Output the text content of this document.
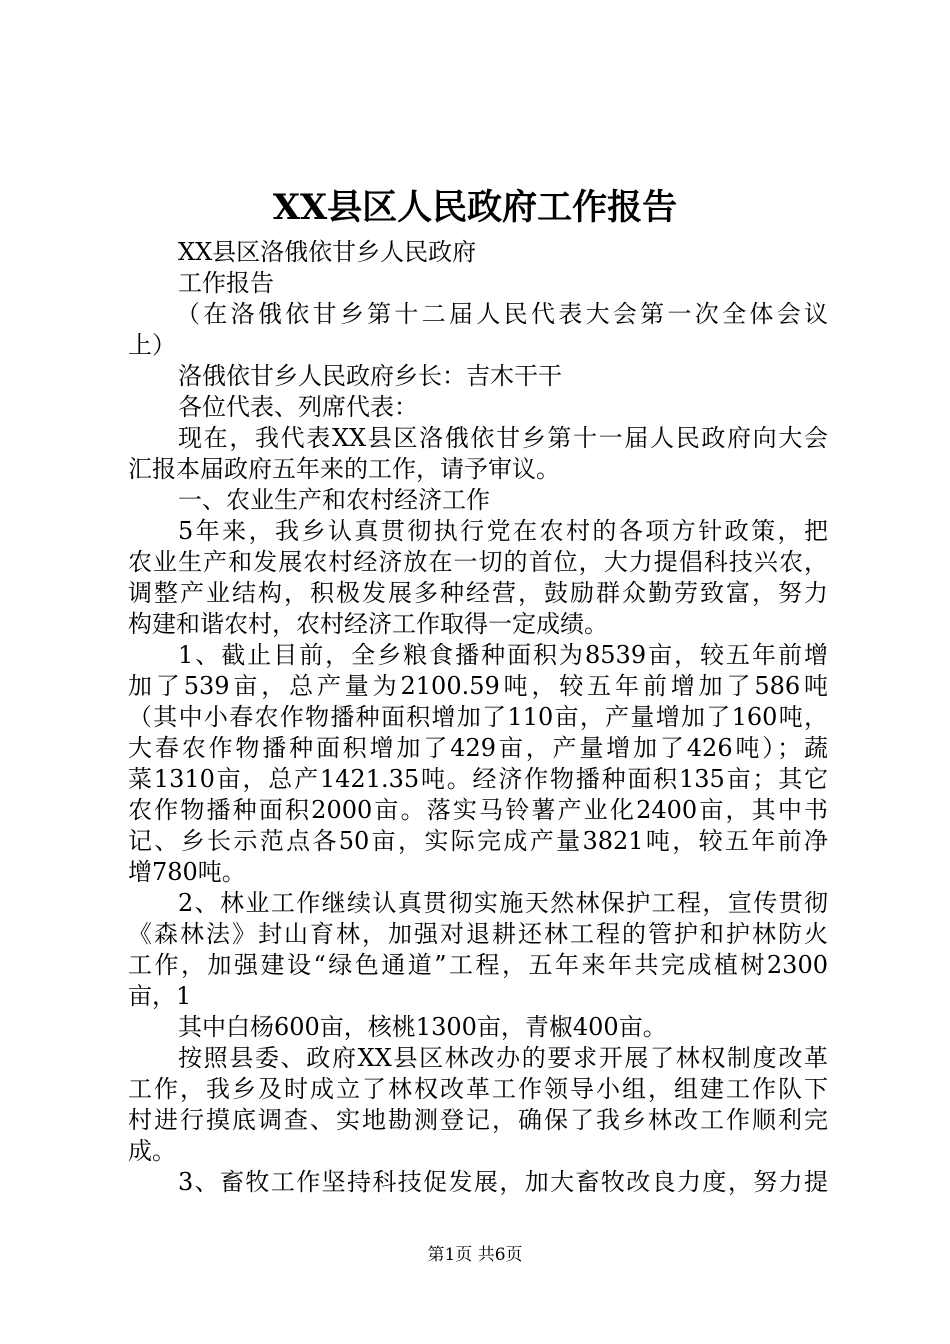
XX县区人民政府工作报告
XX县区洛俄依甘乡人民政府
工作报告
（在洛俄依甘乡第十二届人民代表大会第一次全体会议
上）
洛俄依甘乡人民政府乡长：吉木干干
各位代表、列席代表：
现在，我代表XX县区洛俄依甘乡第十一届人民政府向大会
汇报本届政府五年来的工作，请予审议。
一、农业生产和农村经济工作
5年来，我乡认真贯彻执行党在农村的各项方针政策，把
农业生产和发展农村经济放在一切的首位，大力提倡科技兴农，
调整产业结构，积极发展多种经营，鼓励群众勤劳致富，努力
构建和谐农村，农村经济工作取得一定成绩。
1、截止目前，全乡粮食播种面积为8539亩，较五年前增
加了539亩，总产量为2100.59吨，较五年前增加了586吨
（其中小春农作物播种面积增加了110亩，产量增加了160吨，
大春农作物播种面积增加了429亩，产量增加了426吨）；蔬
菜1310亩，总产1421.35吨。经济作物播种面积135亩；其它
农作物播种面积2000亩。落实马铃薯产业化2400亩，其中书
记、乡长示范点各50亩，实际完成产量3821吨，较五年前净
增780吨。
2、林业工作继续认真贯彻实施天然林保护工程，宣传贯彻
《森林法》封山育林，加强对退耕还林工程的管护和护林防火
工作，加强建设“绿色通道”工程，五年来年共完成植树2300
亩，1
其中白杨600亩，核桃1300亩，青椒400亩。
按照县委、政府XX县区林改办的要求开展了林权制度改革
工作，我乡及时成立了林权改革工作领导小组，组建工作队下
村进行摸底调查、实地勘测登记，确保了我乡林改工作顺利完
成。
3、畜牧工作坚持科技促发展，加大畜牧改良力度，努力提
第1页 共6页
